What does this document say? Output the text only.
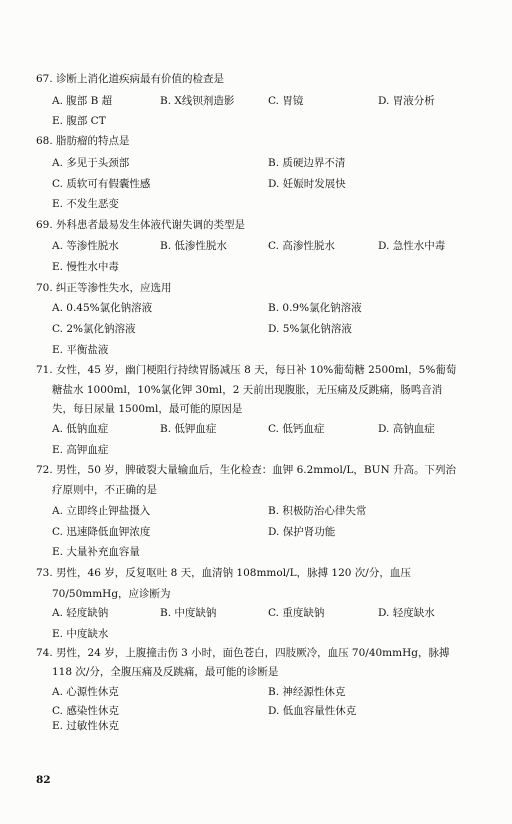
67. 诊断上消化道疾病最有价值的检查是
A. 腹部 B 超	B. X线钡剂造影	C. 胃镜	D. 胃液分析
E. 腹部 CT
68. 脂肪瘤的特点是
A. 多见于头颈部	B. 质硬边界不清
C. 质软可有假囊性感	D. 妊娠时发展快
E. 不发生恶变
69. 外科患者最易发生体液代谢失调的类型是
A. 等渗性脱水	B. 低渗性脱水	C. 高渗性脱水	D. 急性水中毒
E. 慢性水中毒
70. 纠正等渗性失水，应选用
A. 0.45%氯化钠溶液	B. 0.9%氯化钠溶液
C. 2%氯化钠溶液	D. 5%氯化钠溶液
E. 平衡盐液
71. 女性，45 岁，幽门梗阻行持续胃肠减压 8 天，每日补 10%葡萄糖 2500ml，5%葡萄
糖盐水 1000ml，10%氯化钾 30ml，2 天前出现腹胀，无压痛及反跳痛，肠鸣音消
失，每日尿量 1500ml，最可能的原因是
A. 低钠血症	B. 低钾血症	C. 低钙血症	D. 高钠血症
E. 高钾血症
72. 男性，50 岁，脾破裂大量输血后，生化检查：血钾 6.2mmol/L，BUN 升高。下列治
疗原则中，不正确的是
A. 立即终止钾盐摄入	B. 积极防治心律失常
C. 迅速降低血钾浓度	D. 保护肾功能
E. 大量补充血容量
73. 男性，46 岁，反复呕吐 8 天，血清钠 108mmol/L，脉搏 120 次/分，血压
70/50mmHg，应诊断为
A. 轻度缺钠	B. 中度缺钠	C. 重度缺钠	D. 轻度缺水
E. 中度缺水
74. 男性，24 岁，上腹撞击伤 3 小时，面色苍白，四肢厥冷，血压 70/40mmHg，脉搏
118 次/分，全腹压痛及反跳痛，最可能的诊断是
A. 心源性休克	B. 神经源性休克
C. 感染性休克	D. 低血容量性休克
E. 过敏性休克
82
